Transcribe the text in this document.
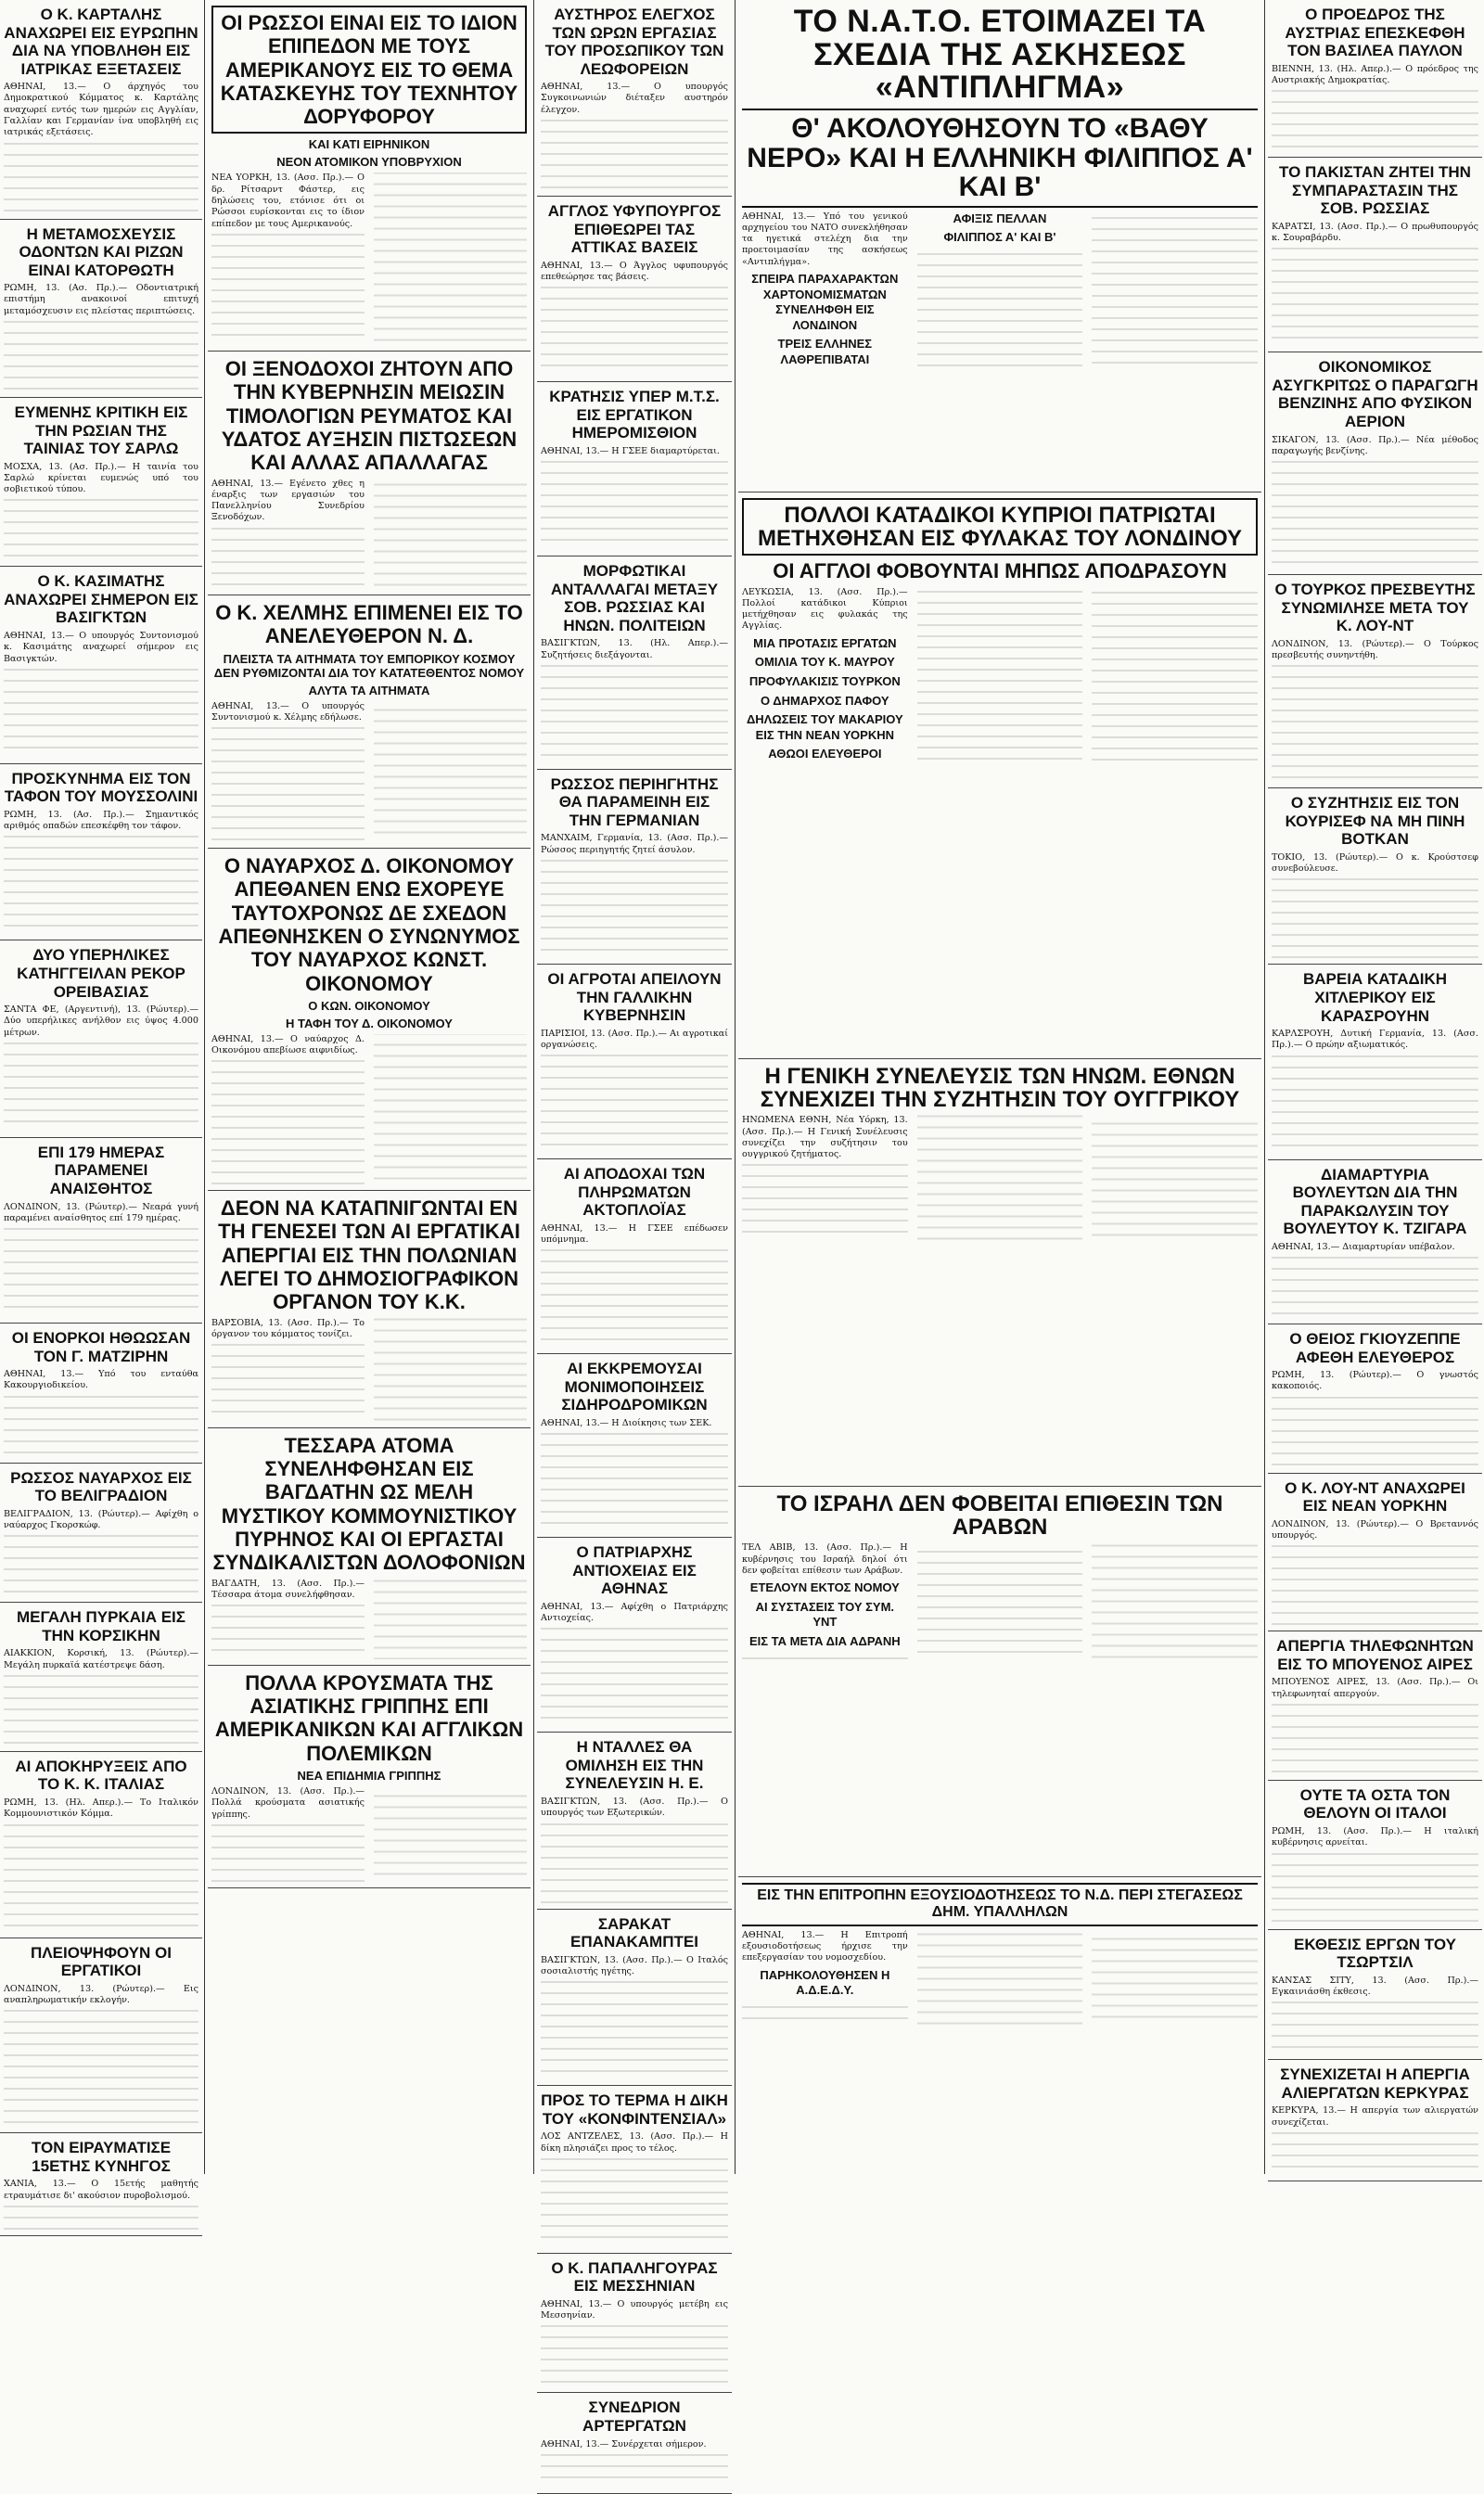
Ο Κ. ΚΑΡΤΑΛΗΣ ΑΝΑΧΩΡΕΙ ΕΙΣ ΕΥΡΩΠΗΝ ΔΙΑ ΝΑ ΥΠΟΒΛΗΘΗ ΕΙΣ ΙΑΤΡΙΚΑΣ ΕΞΕΤΑΣΕΙΣ

ΑΘΗΝΑΙ, 13.— Ο άρχηγός του Δημοκρατικού Κόμματος κ. Καρτάλης αναχωρεί εντός των ημερών εις Αγγλίαν, Γαλλίαν και Γερμανίαν ίνα υποβληθή εις ιατρικάς εξετάσεις.

Η ΜΕΤΑΜΟΣΧΕΥΣΙΣ ΟΔΟΝΤΩΝ ΚΑΙ ΡΙΖΩΝ ΕΙΝΑΙ ΚΑΤΟΡΘΩΤΗ

ΡΩΜΗ, 13. (Ασ. Πρ.).— Οδοντιατρική επιστήμη ανακοινοί επιτυχή μεταμόσχευσιν εις πλείστας περιπτώσεις.

ΕΥΜΕΝΗΣ ΚΡΙΤΙΚΗ ΕΙΣ ΤΗΝ ΡΩΣΙΑΝ ΤΗΣ ΤΑΙΝΙΑΣ ΤΟΥ ΣΑΡΛΩ

ΜΟΣΧΑ, 13. (Ασ. Πρ.).— Η ταινία του Σαρλώ κρίνεται ευμενώς υπό του σοβιετικού τύπου.

Ο Κ. ΚΑΣΙΜΑΤΗΣ ΑΝΑΧΩΡΕΙ ΣΗΜΕΡΟΝ ΕΙΣ ΒΑΣΙΓΚΤΩΝ

ΑΘΗΝΑΙ, 13.— Ο υπουργός Συντονισμού κ. Κασιμάτης αναχωρεί σήμερον εις Βασιγκτών.

ΠΡΟΣΚΥΝΗΜΑ ΕΙΣ ΤΟΝ ΤΑΦΟΝ ΤΟΥ ΜΟΥΣΣΟΛΙΝΙ

ΡΩΜΗ, 13. (Ασ. Πρ.).— Σημαντικός αριθμός οπαδών επεσκέφθη τον τάφον.

ΔΥΟ ΥΠΕΡΗΛΙΚΕΣ ΚΑΤΗΓΓΕΙΛΑΝ ΡΕΚΟΡ ΟΡΕΙΒΑΣΙΑΣ

ΣΑΝΤΑ ΦΕ, (Αργεντινή), 13. (Ρώυτερ).— Δύο υπερήλικες ανήλθον εις ύψος 4.000 μέτρων.

ΕΠΙ 179 ΗΜΕΡΑΣ ΠΑΡΑΜΕΝΕΙ ΑΝΑΙΣΘΗΤΟΣ

ΛΟΝΔΙΝΟΝ, 13. (Ρώυτερ).— Νεαρά γυνή παραμένει αναίσθητος επί 179 ημέρας.

ΟΙ ΕΝΟΡΚΟΙ ΗΘΩΩΣΑΝ ΤΟΝ Γ. ΜΑΤΖΙΡΗΝ

ΑΘΗΝΑΙ, 13.— Υπό του ενταύθα Κακουργιοδικείου.

ΡΩΣΣΟΣ ΝΑΥΑΡΧΟΣ ΕΙΣ ΤΟ ΒΕΛΙΓΡΑΔΙΟΝ

ΒΕΛΙΓΡΑΔΙΟΝ, 13. (Ρώυτερ).— Αφίχθη ο ναύαρχος Γκορσκώφ.

ΜΕΓΑΛΗ ΠΥΡΚΑΙΑ ΕΙΣ ΤΗΝ ΚΟΡΣΙΚΗΝ

ΑΙΑΚΚΙΟΝ, Κορσική, 13. (Ρώυτερ).— Μεγάλη πυρκαϊά κατέστρεψε δάση.

ΑΙ ΑΠΟΚΗΡΥΞΕΙΣ ΑΠΟ ΤΟ Κ. Κ. ΙΤΑΛΙΑΣ

ΡΩΜΗ, 13. (Ηλ. Απερ.).— Το Ιταλικόν Κομμουνιστικόν Κόμμα.

ΠΛΕΙΟΨΗΦΟΥΝ ΟΙ ΕΡΓΑΤΙΚΟΙ

ΛΟΝΔΙΝΟΝ, 13. (Ρώυτερ).— Εις αναπληρωματικήν εκλογήν.

ΤΟΝ ΕΙΡΑΥΜΑΤΙΣΕ 15ΕΤΗΣ ΚΥΝΗΓΟΣ

ΧΑΝΙΑ, 13.— Ο 15ετής μαθητής ετραυμάτισε δι' ακούσιον πυροβολισμού.

ΟΙ ΡΩΣΣΟΙ ΕΙΝΑΙ ΕΙΣ ΤΟ ΙΔΙΟΝ ΕΠΙΠΕΔΟΝ ΜΕ ΤΟΥΣ ΑΜΕΡΙΚΑΝΟΥΣ ΕΙΣ ΤΟ ΘΕΜΑ ΚΑΤΑΣΚΕΥΗΣ ΤΟΥ ΤΕΧΝΗΤΟΥ ΔΟΡΥΦΟΡΟΥ
ΚΑΙ ΚΑΤΙ ΕΙΡΗΝΙΚΟΝ
ΝΕΟΝ ΑΤΟΜΙΚΟΝ ΥΠΟΒΡΥΧΙΟΝ

ΝΕΑ ΥΟΡΚΗ, 13. (Ασσ. Πρ.).— Ο δρ. Ρίτσαρντ Φάστερ, εις δηλώσεις του, ετόνισε ότι οι Ρώσσοι ευρίσκονται εις το ίδιον επίπεδον με τους Αμερικανούς.

ΟΙ ΞΕΝΟΔΟΧΟΙ ΖΗΤΟΥΝ ΑΠΟ ΤΗΝ ΚΥΒΕΡΝΗΣΙΝ ΜΕΙΩΣΙΝ ΤΙΜΟΛΟΓΙΩΝ ΡΕΥΜΑΤΟΣ ΚΑΙ ΥΔΑΤΟΣ ΑΥΞΗΣΙΝ ΠΙΣΤΩΣΕΩΝ ΚΑΙ ΑΛΛΑΣ ΑΠΑΛΛΑΓΑΣ

ΑΘΗΝΑΙ, 13.— Εγένετο χθες η έναρξις των εργασιών του Πανελληνίου Συνεδρίου Ξενοδόχων.

Ο Κ. ΧΕΛΜΗΣ ΕΠΙΜΕΝΕΙ ΕΙΣ ΤΟ ΑΝΕΛΕΥΘΕΡΟΝ Ν. Δ.
ΠΛΕΙΣΤΑ ΤΑ ΑΙΤΗΜΑΤΑ ΤΟΥ ΕΜΠΟΡΙΚΟΥ ΚΟΣΜΟΥ ΔΕΝ ΡΥΘΜΙΖΟΝΤΑΙ ΔΙΑ ΤΟΥ ΚΑΤΑΤΕΘΕΝΤΟΣ ΝΟΜΟΥ
ΑΛΥΤΑ ΤΑ ΑΙΤΗΜΑΤΑ

ΑΘΗΝΑΙ, 13.— Ο υπουργός Συντονισμού κ. Χέλμης εδήλωσε.

Ο ΝΑΥΑΡΧΟΣ Δ. ΟΙΚΟΝΟΜΟΥ ΑΠΕΘΑΝΕΝ ΕΝΩ ΕΧΟΡΕΥΕ ΤΑΥΤΟΧΡΟΝΩΣ ΔΕ ΣΧΕΔΟΝ ΑΠΕΘΝΗΣΚΕΝ Ο ΣΥΝΩΝΥΜΟΣ ΤΟΥ ΝΑΥΑΡΧΟΣ ΚΩΝΣΤ. ΟΙΚΟΝΟΜΟΥ
Ο ΚΩΝ. ΟΙΚΟΝΟΜΟΥ
Η ΤΑΦΗ ΤΟΥ Δ. ΟΙΚΟΝΟΜΟΥ

ΑΘΗΝΑΙ, 13.— Ο ναύαρχος Δ. Οικονόμου απεβίωσε αιφνιδίως.

ΔΕΟΝ ΝΑ ΚΑΤΑΠΝΙΓΩΝΤΑΙ ΕΝ ΤΗ ΓΕΝΕΣΕΙ ΤΩΝ ΑΙ ΕΡΓΑΤΙΚΑΙ ΑΠΕΡΓΙΑΙ ΕΙΣ ΤΗΝ ΠΟΛΩΝΙΑΝ ΛΕΓΕΙ ΤΟ ΔΗΜΟΣΙΟΓΡΑΦΙΚΟΝ ΟΡΓΑΝΟΝ ΤΟΥ Κ.Κ.

ΒΑΡΣΟΒΙΑ, 13. (Ασσ. Πρ.).— Το όργανον του κόμματος τονίζει.

ΤΕΣΣΑΡΑ ΑΤΟΜΑ ΣΥΝΕΛΗΦΘΗΣΑΝ ΕΙΣ ΒΑΓΔΑΤΗΝ ΩΣ ΜΕΛΗ ΜΥΣΤΙΚΟΥ ΚΟΜΜΟΥΝΙΣΤΙΚΟΥ ΠΥΡΗΝΟΣ ΚΑΙ ΟΙ ΕΡΓΑΣΤΑΙ ΣΥΝΔΙΚΑΛΙΣΤΩΝ ΔΟΛΟΦΟΝΙΩΝ

ΒΑΓΔΑΤΗ, 13. (Ασσ. Πρ.).— Τέσσαρα άτομα συνελήφθησαν.

ΠΟΛΛΑ ΚΡΟΥΣΜΑΤΑ ΤΗΣ ΑΣΙΑΤΙΚΗΣ ΓΡΙΠΠΗΣ ΕΠΙ ΑΜΕΡΙΚΑΝΙΚΩΝ ΚΑΙ ΑΓΓΛΙΚΩΝ ΠΟΛΕΜΙΚΩΝ
ΝΕΑ ΕΠΙΔΗΜΙΑ ΓΡΙΠΠΗΣ

ΛΟΝΔΙΝΟΝ, 13. (Ασσ. Πρ.).— Πολλά κρούσματα ασιατικής γρίππης.

ΑΥΣΤΗΡΟΣ ΕΛΕΓΧΟΣ ΤΩΝ ΩΡΩΝ ΕΡΓΑΣΙΑΣ ΤΟΥ ΠΡΟΣΩΠΙΚΟΥ ΤΩΝ ΛΕΩΦΟΡΕΙΩΝ

ΑΘΗΝΑΙ, 13.— Ο υπουργός Συγκοινωνιών διέταξεν αυστηρόν έλεγχον.

ΑΓΓΛΟΣ ΥΦΥΠΟΥΡΓΟΣ ΕΠΙΘΕΩΡΕΙ ΤΑΣ ΑΤΤΙΚΑΣ ΒΑΣΕΙΣ

ΑΘΗΝΑΙ, 13.— Ο Άγγλος υφυπουργός επεθεώρησε τας βάσεις.

ΚΡΑΤΗΣΙΣ ΥΠΕΡ Μ.Τ.Σ. ΕΙΣ ΕΡΓΑΤΙΚΟΝ ΗΜΕΡΟΜΙΣΘΙΟΝ

ΑΘΗΝΑΙ, 13.— Η ΓΣΕΕ διαμαρτύρεται.

ΜΟΡΦΩΤΙΚΑΙ ΑΝΤΑΛΛΑΓΑΙ ΜΕΤΑΞΥ ΣΟΒ. ΡΩΣΣΙΑΣ ΚΑΙ ΗΝΩΝ. ΠΟΛΙΤΕΙΩΝ

ΒΑΣΙΓΚΤΩΝ, 13. (Ηλ. Απερ.).— Συζητήσεις διεξάγονται.

ΡΩΣΣΟΣ ΠΕΡΙΗΓΗΤΗΣ ΘΑ ΠΑΡΑΜΕΙΝΗ ΕΙΣ ΤΗΝ ΓΕΡΜΑΝΙΑΝ

ΜΑΝΧΑΙΜ, Γερμανία, 13. (Ασσ. Πρ.).— Ρώσσος περιηγητής ζητεί άσυλον.

ΟΙ ΑΓΡΟΤΑΙ ΑΠΕΙΛΟΥΝ ΤΗΝ ΓΑΛΛΙΚΗΝ ΚΥΒΕΡΝΗΣΙΝ

ΠΑΡΙΣΙΟΙ, 13. (Ασσ. Πρ.).— Αι αγροτικαί οργανώσεις.

ΑΙ ΑΠΟΔΟΧΑΙ ΤΩΝ ΠΛΗΡΩΜΑΤΩΝ ΑΚΤΟΠΛΟΪΑΣ

ΑΘΗΝΑΙ, 13.— Η ΓΣΕΕ επέδωσεν υπόμνημα.

ΑΙ ΕΚΚΡΕΜΟΥΣΑΙ ΜΟΝΙΜΟΠΟΙΗΣΕΙΣ ΣΙΔΗΡΟΔΡΟΜΙΚΩΝ

ΑΘΗΝΑΙ, 13.— Η Διοίκησις των ΣΕΚ.

Ο ΠΑΤΡΙΑΡΧΗΣ ΑΝΤΙΟΧΕΙΑΣ ΕΙΣ ΑΘΗΝΑΣ

ΑΘΗΝΑΙ, 13.— Αφίχθη ο Πατριάρχης Αντιοχείας.

Η ΝΤΑΛΛΕΣ ΘΑ ΟΜΙΛΗΣΗ ΕΙΣ ΤΗΝ ΣΥΝΕΛΕΥΣΙΝ Η. Ε.

ΒΑΣΙΓΚΤΩΝ, 13. (Ασσ. Πρ.).— Ο υπουργός των Εξωτερικών.

ΣΑΡΑΚΑΤ ΕΠΑΝΑΚΑΜΠΤΕΙ

ΒΑΣΙΓΚΤΩΝ, 13. (Ασσ. Πρ.).— Ο Ιταλός σοσιαλιστής ηγέτης.

ΠΡΟΣ ΤΟ ΤΕΡΜΑ Η ΔΙΚΗ ΤΟΥ «ΚΟΝΦΙΝΤΕΝΣΙΑΛ»

ΛΟΣ ΑΝΤΖΕΛΕΣ, 13. (Ασσ. Πρ.).— Η δίκη πλησιάζει προς το τέλος.

Ο Κ. ΠΑΠΑΛΗΓΟΥΡΑΣ ΕΙΣ ΜΕΣΣΗΝΙΑΝ

ΑΘΗΝΑΙ, 13.— Ο υπουργός μετέβη εις Μεσσηνίαν.

ΣΥΝΕΔΡΙΟΝ ΑΡΤΕΡΓΑΤΩΝ

ΑΘΗΝΑΙ, 13.— Συνέρχεται σήμερον.

ΤΟ Ν.Α.Τ.Ο. ΕΤΟΙΜΑΖΕΙ ΤΑ ΣΧΕΔΙΑ ΤΗΣ ΑΣΚΗΣΕΩΣ «ΑΝΤΙΠΛΗΓΜΑ»
Θ' ΑΚΟΛΟΥΘΗΣΟΥΝ ΤΟ «ΒΑΘΥ ΝΕΡΟ» ΚΑΙ Η ΕΛΛΗΝΙΚΗ ΦΙΛΙΠΠΟΣ Α' ΚΑΙ Β'

ΑΘΗΝΑΙ, 13.— Υπό του γενικού αρχηγείου του ΝΑΤΟ συνεκλήθησαν τα ηγετικά στελέχη δια την προετοιμασίαν της ασκήσεως «Αντιπλήγμα».

ΣΠΕΙΡΑ ΠΑΡΑΧΑΡΑΚΤΩΝ ΧΑΡΤΟΝΟΜΙΣΜΑΤΩΝ ΣΥΝΕΛΗΦΘΗ ΕΙΣ ΛΟΝΔΙΝΟΝ
ΤΡΕΙΣ ΕΛΛΗΝΕΣ ΛΑΘΡΕΠΙΒΑΤΑΙ
ΑΦΙΞΙΣ ΠΕΛΛΑΝ
ΦΙΛΙΠΠΟΣ Α' ΚΑΙ Β'
ΠΟΛΛΟΙ ΚΑΤΑΔΙΚΟΙ ΚΥΠΡΙΟΙ ΠΑΤΡΙΩΤΑΙ ΜΕΤΗΧΘΗΣΑΝ ΕΙΣ ΦΥΛΑΚΑΣ ΤΟΥ ΛΟΝΔΙΝΟΥ
ΟΙ ΑΓΓΛΟΙ ΦΟΒΟΥΝΤΑΙ ΜΗΠΩΣ ΑΠΟΔΡΑΣΟΥΝ

ΛΕΥΚΩΣΙΑ, 13. (Ασσ. Πρ.).— Πολλοί κατάδικοι Κύπριοι μετήχθησαν εις φυλακάς της Αγγλίας.

ΜΙΑ ΠΡΟΤΑΣΙΣ ΕΡΓΑΤΩΝ
ΟΜΙΛΙΑ ΤΟΥ Κ. ΜΑΥΡΟΥ
ΠΡΟΦΥΛΑΚΙΣΙΣ ΤΟΥΡΚΟΝ
Ο ΔΗΜΑΡΧΟΣ ΠΑΦΟΥ
ΔΗΛΩΣΕΙΣ ΤΟΥ ΜΑΚΑΡΙΟΥ ΕΙΣ ΤΗΝ ΝΕΑΝ ΥΟΡΚΗΝ
ΑΘΩΟΙ ΕΛΕΥΘΕΡΟΙ
Η ΓΕΝΙΚΗ ΣΥΝΕΛΕΥΣΙΣ ΤΩΝ ΗΝΩΜ. ΕΘΝΩΝ ΣΥΝΕΧΙΖΕΙ ΤΗΝ ΣΥΖΗΤΗΣΙΝ ΤΟΥ ΟΥΓΓΡΙΚΟΥ

ΗΝΩΜΕΝΑ ΕΘΝΗ, Νέα Υόρκη, 13. (Ασσ. Πρ.).— Η Γενική Συνέλευσις συνεχίζει την συζήτησιν του ουγγρικού ζητήματος.

ΤΟ ΙΣΡΑΗΛ ΔΕΝ ΦΟΒΕΙΤΑΙ ΕΠΙΘΕΣΙΝ ΤΩΝ ΑΡΑΒΩΝ

ΤΕΛ ΑΒΙΒ, 13. (Ασσ. Πρ.).— Η κυβέρνησις του Ισραήλ δηλοί ότι δεν φοβείται επίθεσιν των Αράβων.

ΕΤΕΛΟΥΝ ΕΚΤΟΣ ΝΟΜΟΥ
ΑΙ ΣΥΣΤΑΣΕΙΣ ΤΟΥ ΣΥΜ. ΥΝΤ
ΕΙΣ ΤΑ ΜΕΤΑ ΔΙΑ ΑΔΡΑΝΗ
ΕΙΣ ΤΗΝ ΕΠΙΤΡΟΠΗΝ ΕΞΟΥΣΙΟΔΟΤΗΣΕΩΣ ΤΟ Ν.Δ. ΠΕΡΙ ΣΤΕΓΑΣΕΩΣ ΔΗΜ. ΥΠΑΛΛΗΛΩΝ

ΑΘΗΝΑΙ, 13.— Η Επιτροπή εξουσιοδοτήσεως ήρχισε την επεξεργασίαν του νομοσχεδίου.

ΠΑΡΗΚΟΛΟΥΘΗΣΕΝ Η Α.Δ.Ε.Δ.Υ.
Ο ΠΡΟΕΔΡΟΣ ΤΗΣ ΑΥΣΤΡΙΑΣ ΕΠΕΣΚΕΦΘΗ ΤΟΝ ΒΑΣΙΛΕΑ ΠΑΥΛΟΝ

ΒΙΕΝΝΗ, 13. (Ηλ. Απερ.).— Ο πρόεδρος της Αυστριακής Δημοκρατίας.

ΤΟ ΠΑΚΙΣΤΑΝ ΖΗΤΕΙ ΤΗΝ ΣΥΜΠΑΡΑΣΤΑΣΙΝ ΤΗΣ ΣΟΒ. ΡΩΣΣΙΑΣ

ΚΑΡΑΤΣΙ, 13. (Ασσ. Πρ.).— Ο πρωθυπουργός κ. Σουραβάρδυ.

ΟΙΚΟΝΟΜΙΚΟΣ ΑΣΥΓΚΡΙΤΩΣ Ο ΠΑΡΑΓΩΓΗ ΒΕΝΖΙΝΗΣ ΑΠΟ ΦΥΣΙΚΟΝ ΑΕΡΙΟΝ

ΣΙΚΑΓΟΝ, 13. (Ασσ. Πρ.).— Νέα μέθοδος παραγωγής βενζίνης.

Ο ΤΟΥΡΚΟΣ ΠΡΕΣΒΕΥΤΗΣ ΣΥΝΩΜΙΛΗΣΕ ΜΕΤΑ ΤΟΥ Κ. ΛΟΥ-ΝΤ

ΛΟΝΔΙΝΟΝ, 13. (Ρώυτερ).— Ο Τούρκος πρεσβευτής συνηντήθη.

Ο ΣΥΖΗΤΗΣΙΣ ΕΙΣ ΤΟΝ ΚΟΥΡΙΣΕΦ ΝΑ ΜΗ ΠΙΝΗ ΒΟΤΚΑΝ

ΤΟΚΙΟ, 13. (Ρώυτερ).— Ο κ. Κρούστσεφ συνεβούλευσε.

ΒΑΡΕΙΑ ΚΑΤΑΔΙΚΗ ΧΙΤΛΕΡΙΚΟΥ ΕΙΣ ΚΑΡΑΣΡΟΥΗΝ

ΚΑΡΛΣΡΟΥΗ, Δυτική Γερμανία, 13. (Ασσ. Πρ.).— Ο πρώην αξιωματικός.

ΔΙΑΜΑΡΤΥΡΙΑ ΒΟΥΛΕΥΤΩΝ ΔΙΑ ΤΗΝ ΠΑΡΑΚΩΛΥΣΙΝ ΤΟΥ ΒΟΥΛΕΥΤΟΥ Κ. ΤΖΙΓΑΡΑ

ΑΘΗΝΑΙ, 13.— Διαμαρτυρίαν υπέβαλον.

Ο ΘΕΙΟΣ ΓΚΙΟΥΖΕΠΠΕ ΑΦΕΘΗ ΕΛΕΥΘΕΡΟΣ

ΡΩΜΗ, 13. (Ρώυτερ).— Ο γνωστός κακοποιός.

Ο Κ. ΛΟΥ-ΝΤ ΑΝΑΧΩΡΕΙ ΕΙΣ ΝΕΑΝ ΥΟΡΚΗΝ

ΛΟΝΔΙΝΟΝ, 13. (Ρώυτερ).— Ο Βρεταννός υπουργός.

ΑΠΕΡΓΙΑ ΤΗΛΕΦΩΝΗΤΩΝ ΕΙΣ ΤΟ ΜΠΟΥΕΝΟΣ ΑΙΡΕΣ

ΜΠΟΥΕΝΟΣ ΑΙΡΕΣ, 13. (Ασσ. Πρ.).— Οι τηλεφωνηταί απεργούν.

ΟΥΤΕ ΤΑ ΟΣΤΑ ΤΟΝ ΘΕΛΟΥΝ ΟΙ ΙΤΑΛΟΙ

ΡΩΜΗ, 13. (Ασσ. Πρ.).— Η ιταλική κυβέρνησις αρνείται.

ΕΚΘΕΣΙΣ ΕΡΓΩΝ ΤΟΥ ΤΣΩΡΤΣΙΛ

ΚΑΝΣΑΣ ΣΙΤΥ, 13. (Ασσ. Πρ.).— Εγκαινιάσθη έκθεσις.

ΣΥΝΕΧΙΖΕΤΑΙ Η ΑΠΕΡΓΙΑ ΑΛΙΕΡΓΑΤΩΝ ΚΕΡΚΥΡΑΣ

ΚΕΡΚΥΡΑ, 13.— Η απεργία των αλιεργατών συνεχίζεται.
